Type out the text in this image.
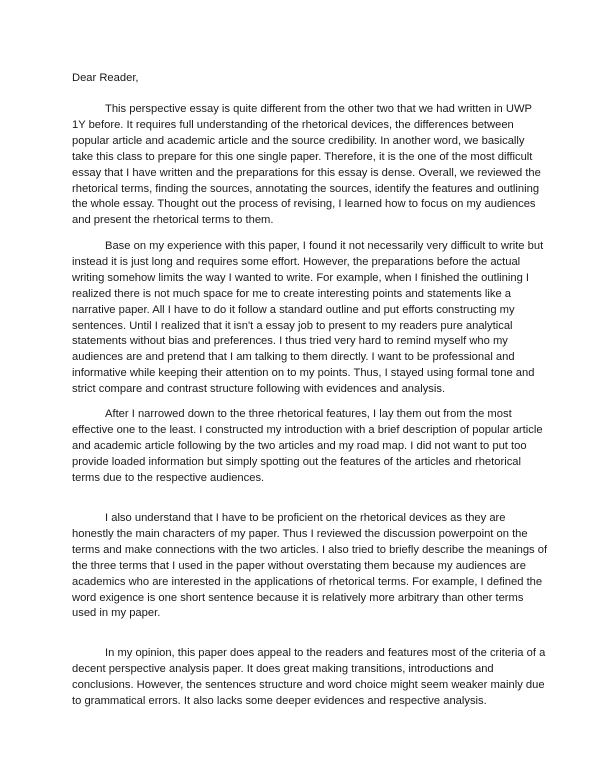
Dear Reader,

This perspective essay is quite different from the other two that we had written in UWP
1Y before. It requires full understanding of the rhetorical devices, the differences between
popular article and academic article and the source credibility. In another word, we basically
take this class to prepare for this one single paper. Therefore, it is the one of the most difficult
essay that I have written and the preparations for this essay is dense. Overall, we reviewed the
rhetorical terms, finding the sources, annotating the sources, identify the features and outlining
the whole essay. Thought out the process of revising, I learned how to focus on my audiences
and present the rhetorical terms to them.
Base on my experience with this paper, I found it not necessarily very difficult to write but
instead it is just long and requires some effort. However, the preparations before the actual
writing somehow limits the way I wanted to write. For example, when I finished the outlining I
realized there is not much space for me to create interesting points and statements like a
narrative paper. All I have to do it follow a standard outline and put efforts constructing my
sentences. Until I realized that it isn't a essay job to present to my readers pure analytical
statements without bias and preferences. I thus tried very hard to remind myself who my
audiences are and pretend that I am talking to them directly. I want to be professional and
informative while keeping their attention on to my points. Thus, I stayed using formal tone and
strict compare and contrast structure following with evidences and analysis.
After I narrowed down to the three rhetorical features, I lay them out from the most
effective one to the least. I constructed my introduction with a brief description of popular article
and academic article following by the two articles and my road map. I did not want to put too
provide loaded information but simply spotting out the features of the articles and rhetorical
terms due to the respective audiences.
I also understand that I have to be proficient on the rhetorical devices as they are
honestly the main characters of my paper. Thus I reviewed the discussion powerpoint on the
terms and make connections with the two articles. I also tried to briefly describe the meanings of
the three terms that I used in the paper without overstating them because my audiences are
academics who are interested in the applications of rhetorical terms. For example, I defined the
word exigence is one short sentence because it is relatively more arbitrary than other terms
used in my paper.
In my opinion, this paper does appeal to the readers and features most of the criteria of a
decent perspective analysis paper. It does great making transitions, introductions and
conclusions. However, the sentences structure and word choice might seem weaker mainly due
to grammatical errors. It also lacks some deeper evidences and respective analysis.
